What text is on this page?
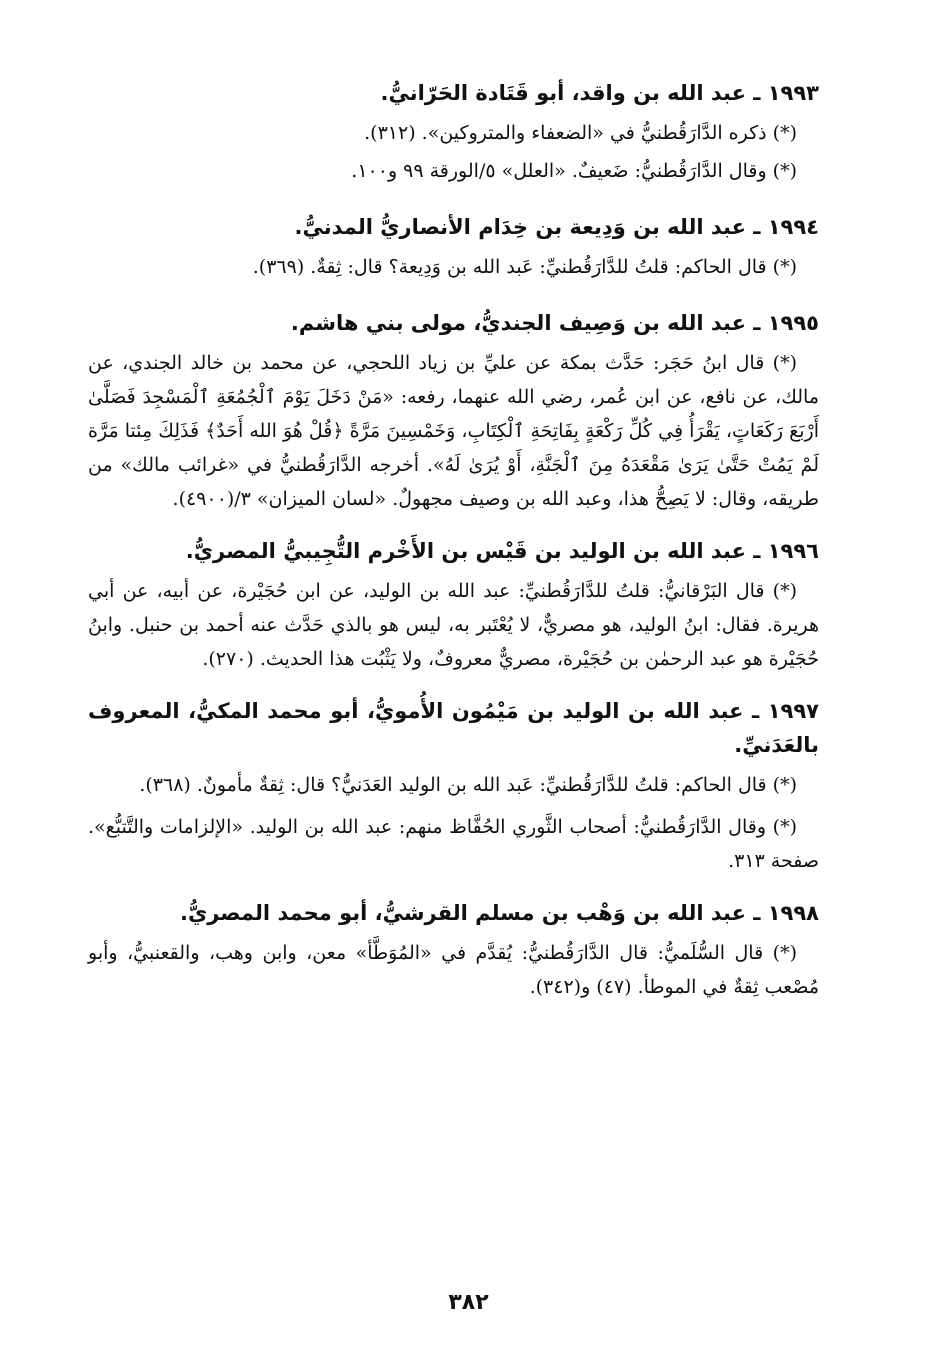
١٩٩٣ ـ عبد الله بن واقد، أبو قَتَادة الحَرّانيُّ.
(*) ذكره الدَّارَقُطنيُّ في «الضعفاء والمتروكين». (٣١٢).
(*) وقال الدَّارَقُطنيُّ: ضَعيفٌ. «العلل» ٥/الورقة ٩٩ و١٠٠.
١٩٩٤ ـ عبد الله بن وَدِيعة بن خِدَام الأنصاريُّ المدنيُّ.
(*) قال الحاكم: قلتُ للدَّارَقُطنيِّ: عَبد الله بن وَدِيعة؟ قال: ثِقةٌ. (٣٦٩).
١٩٩٥ ـ عبد الله بن وَصِيف الجنديُّ، مولى بني هاشم.
(*) قال ابنُ حَجَر: حَدَّث بمكة عن عليِّ بن زياد اللحجي، عن محمد بن خالد الجندي، عن مالك، عن نافع، عن ابن عُمر، رضي الله عنهما، رفعه: «مَنْ دَخَلَ يَوْمَ ٱلْجُمُعَةِ ٱلْمَسْجِدَ فَصَلَّىٰ أَرْبَعَ رَكَعَاتٍ، يَقْرَأُ فِي كُلِّ رَكْعَةٍ بِفَاتِحَةِ ٱلْكِتَابِ، وَخَمْسِينَ مَرَّةً ﴿قُلْ هُوَ الله أَحَدٌ﴾ فَذَلِكَ مِئتا مَرَّة لَمْ يَمُتْ حَتَّىٰ يَرَىٰ مَقْعَدَهُ مِنَ ٱلْجَنَّةِ، أَوْ يُرَىٰ لَهُ». أخرجه الدَّارَقُطنيُّ في «غرائب مالك» من طريقه، وقال: لا يَصِحُّ هذا، وعبد الله بن وصيف مجهولٌ. «لسان الميزان» ٣/(٤٩٠٠).
١٩٩٦ ـ عبد الله بن الوليد بن قَيْس بن الأَخْرم التُّجِيبيُّ المصريُّ.
(*) قال البَرْقانيُّ: قلتُ للدَّارَقُطنيِّ: عبد الله بن الوليد، عن ابن حُجَيْرة، عن أبيه، عن أبي هريرة. فقال: ابنُ الوليد، هو مصريٌّ، لا يُعْتَبر به، ليس هو بالذي حَدَّث عنه أحمد بن حنبل. وابنُ حُجَيْرة هو عبد الرحمٰن بن حُجَيْرة، مصريٌّ معروفٌ، ولا يَثْبُت هذا الحديث. (٢٧٠).
١٩٩٧ ـ عبد الله بن الوليد بن مَيْمُون الأُمويُّ، أبو محمد المكيُّ، المعروف بالعَدَنيِّ.
(*) قال الحاكم: قلتُ للدَّارَقُطنيِّ: عَبد الله بن الوليد العَدَنيُّ؟ قال: ثِقةٌ مأمونٌ. (٣٦٨).
(*) وقال الدَّارَقُطنيُّ: أصحاب الثَّوري الحُفَّاظ منهم: عبد الله بن الوليد. «الإلزامات والتَّتبُّع». صفحة ٣١٣.
١٩٩٨ ـ عبد الله بن وَهْب بن مسلم القرشيُّ، أبو محمد المصريُّ.
(*) قال السُّلَميُّ: قال الدَّارَقُطنيُّ: يُقدَّم في «المُوَطَّأ» معن، وابن وهب، والقعنبيُّ، وأبو مُصْعب ثِقةٌ في الموطأ. (٤٧) و(٣٤٢).
٣٨٢
